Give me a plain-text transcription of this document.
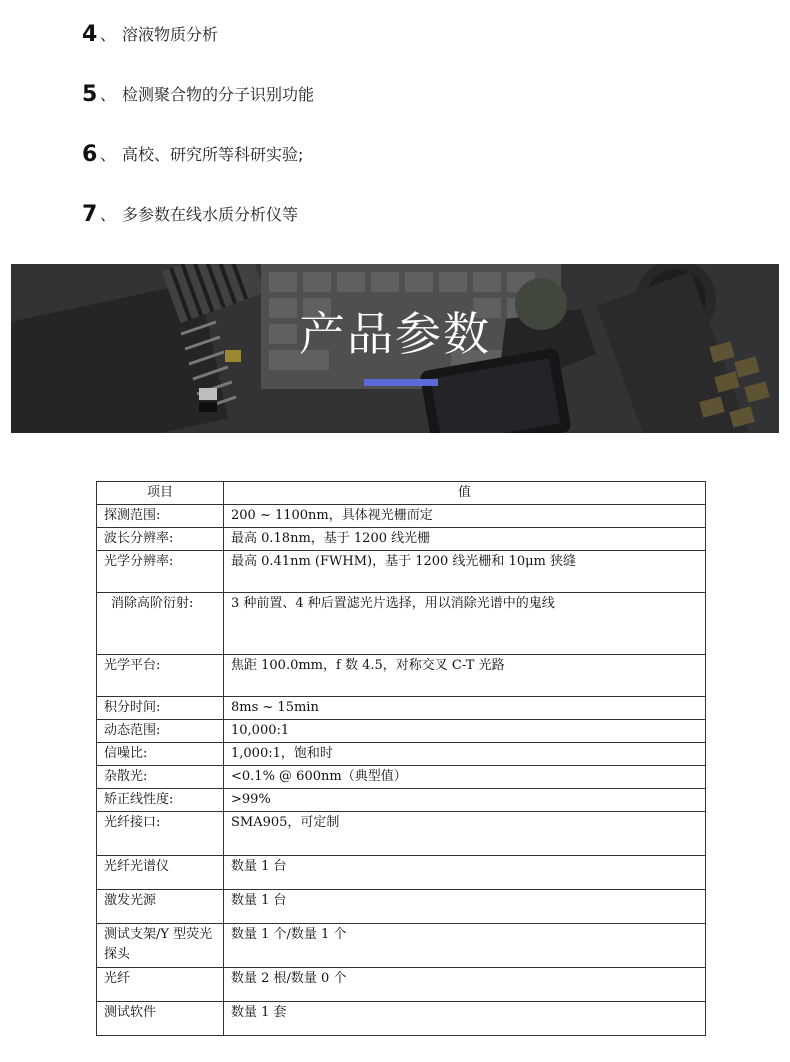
4 、 溶液物质分析
5 、 检测聚合物的分子识别功能
6 、 高校、研究所等科研实验;
7 、 多参数在线水质分析仪等
产品参数
项目	值
探测范围:	200 ~ 1100nm，具体视光栅而定
波长分辨率:	最高 0.18nm，基于 1200 线光栅
光学分辨率:	最高 0.41nm (FWHM)，基于 1200 线光栅和 10μm 狭缝
消除高阶衍射:	3 种前置、4 种后置滤光片选择，用以消除光谱中的鬼线
光学平台:	焦距 100.0mm，f 数 4.5，对称交叉 C-T 光路
积分时间:	8ms ~ 15min
动态范围:	10,000:1
信噪比:	1,000:1，饱和时
杂散光:	<0.1% @ 600nm（典型值）
矫正线性度:	>99%
光纤接口:	SMA905，可定制
光纤光谱仪	数量 1 台
激发光源	数量 1 台
测试支架/Y 型荧光探头	数量 1 个/数量 1 个
光纤	数量 2 根/数量 0 个
测试软件	数量 1 套
